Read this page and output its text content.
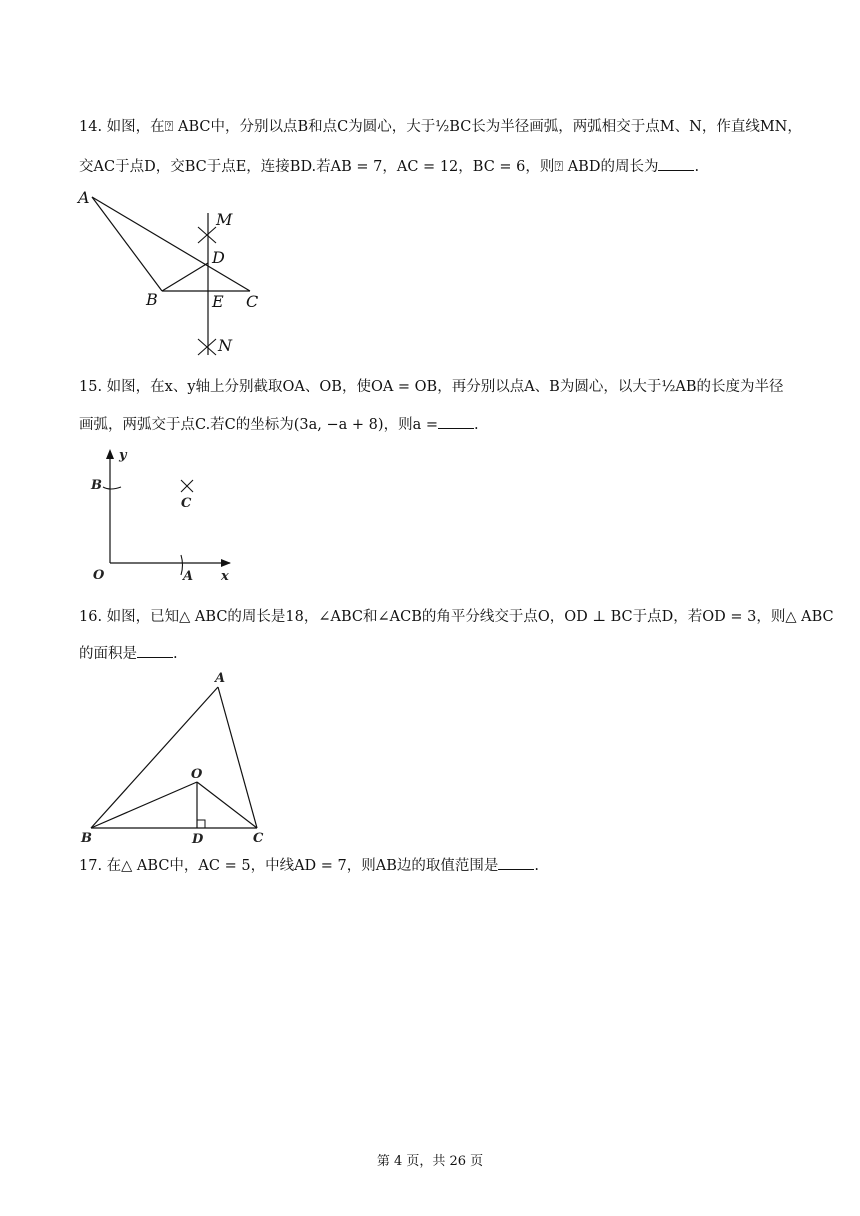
14. 如图，在⍰ ABC中，分别以点B和点C为圆心，大于½BC长为半径画弧，两弧相交于点M、N，作直线MN，
交AC于点D，交BC于点E，连接BD.若AB = 7，AC = 12，BC = 6，则⍰ ABD的周长为 .
A
B	C
D
E
M
N
15. 如图，在x、y轴上分别截取OA、OB，使OA = OB，再分别以点A、B为圆心，以大于½AB的长度为半径
画弧，两弧交于点C.若C的坐标为(3a, −a + 8)，则a = .
y
x
O	A
B
C
16. 如图，已知△ ABC的周长是18，∠ABC和∠ACB的角平分线交于点O，OD ⊥ BC于点D，若OD = 3，则△ ABC
的面积是 .
A
B	C
O
D
17. 在△ ABC中，AC = 5，中线AD = 7，则AB边的取值范围是 .
第 4 页，共 26 页
